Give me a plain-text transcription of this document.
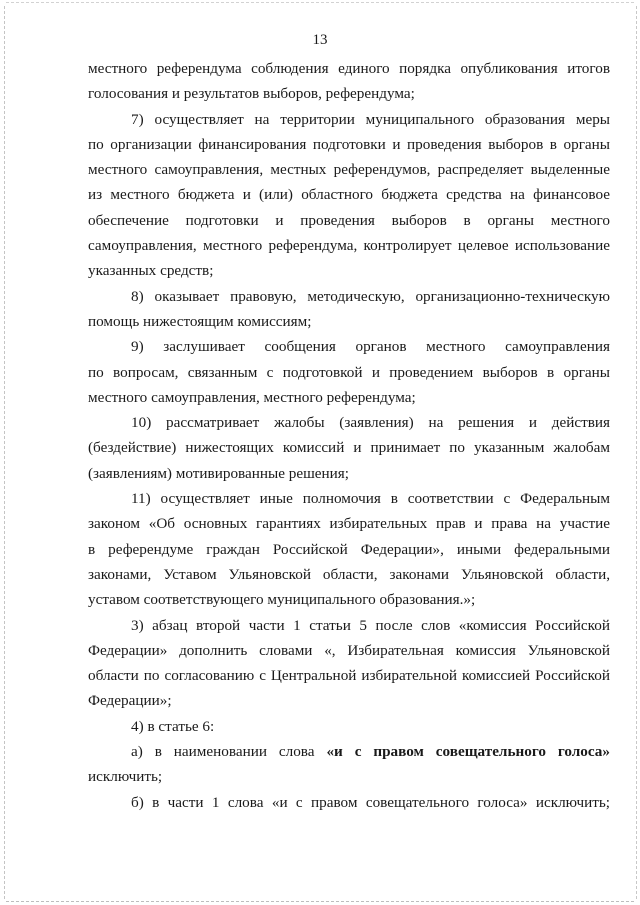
13
местного референдума соблюдения единого порядка опубликования итогов
голосования и результатов выборов, референдума;
7) осуществляет на территории муниципального образования меры
по организации финансирования подготовки и проведения выборов в органы
местного самоуправления, местных референдумов, распределяет выделенные
из местного бюджета и (или) областного бюджета средства на финансовое
обеспечение подготовки и проведения выборов в органы местного
самоуправления, местного референдума, контролирует целевое использование
указанных средств;
8) оказывает правовую, методическую, организационно-техническую
помощь нижестоящим комиссиям;
9) заслушивает сообщения органов местного самоуправления
по вопросам, связанным с подготовкой и проведением выборов в органы
местного самоуправления, местного референдума;
10) рассматривает жалобы (заявления) на решения и действия
(бездействие) нижестоящих комиссий и принимает по указанным жалобам
(заявлениям) мотивированные решения;
11) осуществляет иные полномочия в соответствии с Федеральным
законом «Об основных гарантиях избирательных прав и права на участие
в референдуме граждан Российской Федерации», иными федеральными
законами, Уставом Ульяновской области, законами Ульяновской области,
уставом соответствующего муниципального образования.»;
3) абзац второй части 1 статьи 5 после слов «комиссия Российской
Федерации» дополнить словами «, Избирательная комиссия Ульяновской
области по согласованию с Центральной избирательной комиссией Российской
Федерации»;
4) в статье 6:
а) в наименовании слова «и с правом совещательного голоса»
исключить;
б) в части 1 слова «и с правом совещательного голоса» исключить;
